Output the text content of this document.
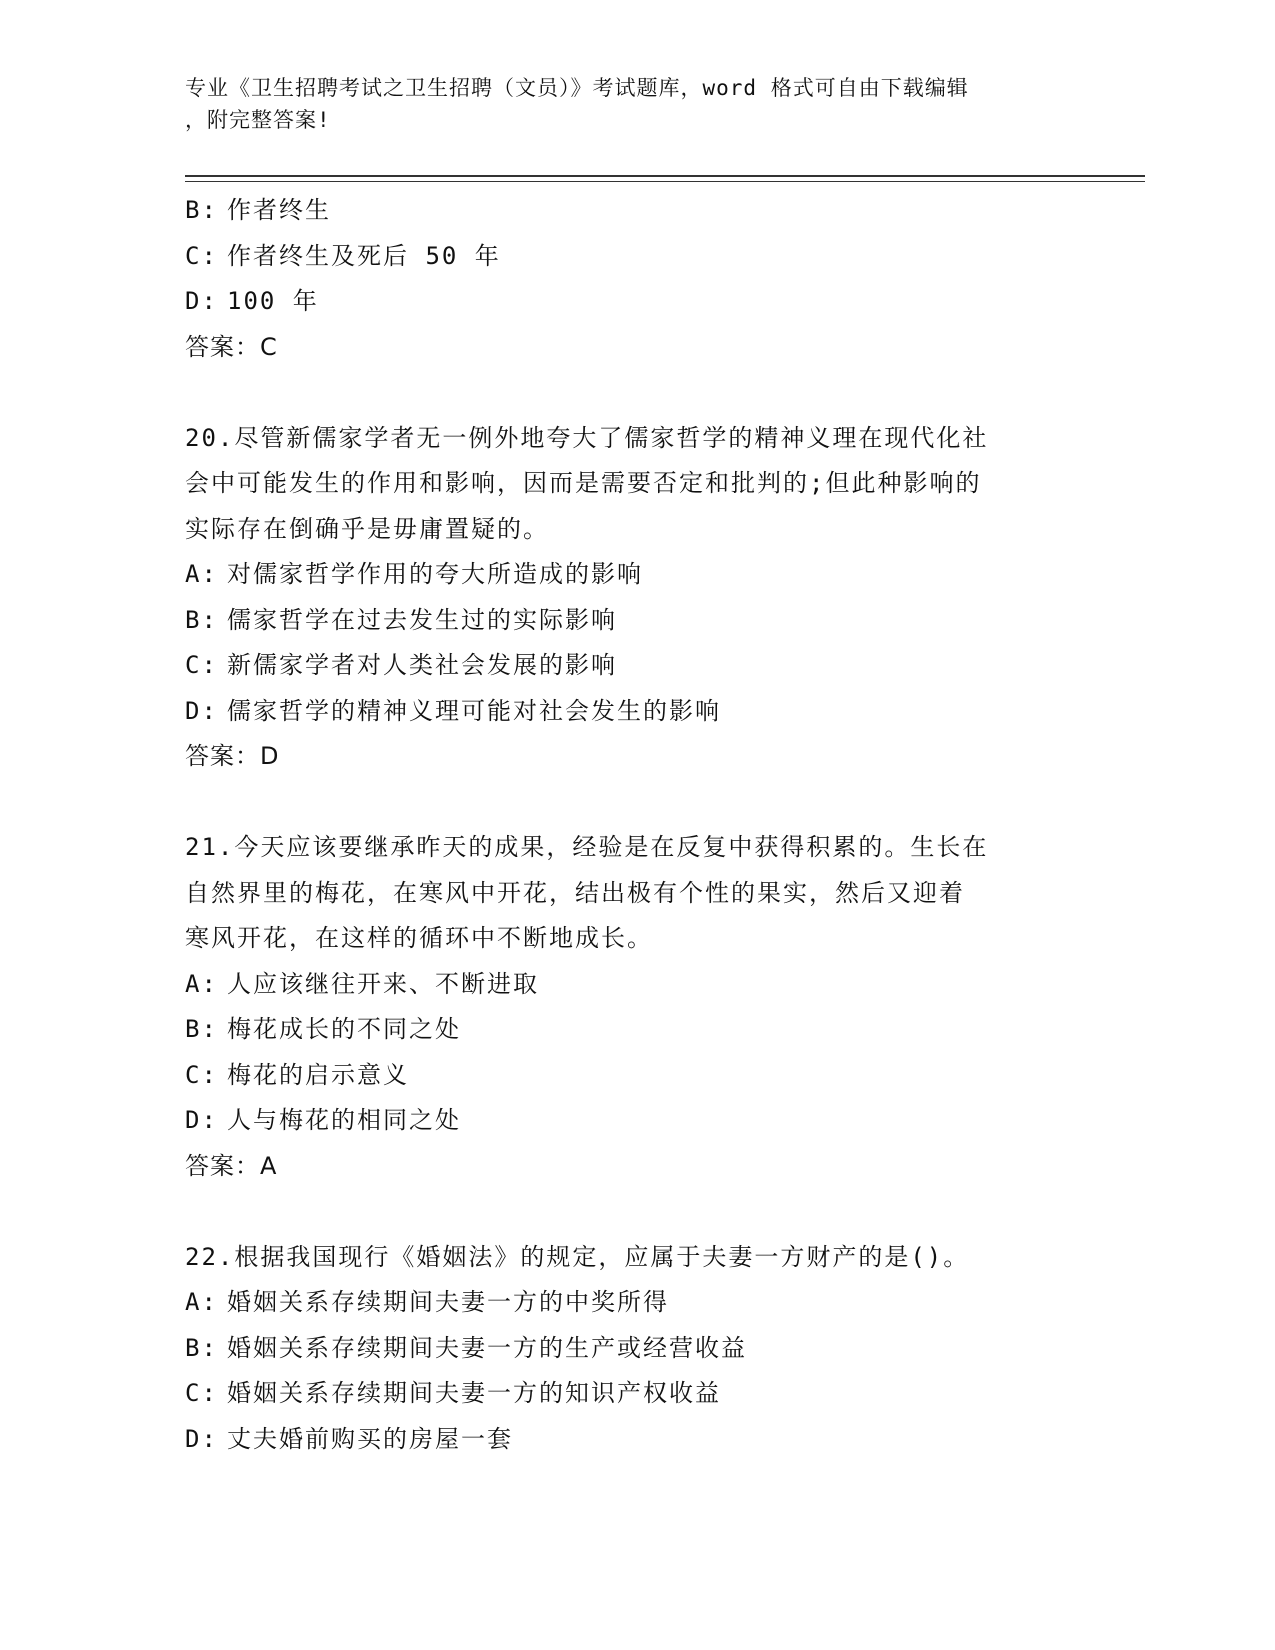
专业《卫生招聘考试之卫生招聘（文员）》考试题库，word 格式可自由下载编辑
，附完整答案!
B: 作者终生
C: 作者终生及死后 50 年
D: 100 年
答案：C
20.尽管新儒家学者无一例外地夸大了儒家哲学的精神义理在现代化社
会中可能发生的作用和影响，因而是需要否定和批判的;但此种影响的
实际存在倒确乎是毋庸置疑的。
A: 对儒家哲学作用的夸大所造成的影响
B: 儒家哲学在过去发生过的实际影响
C: 新儒家学者对人类社会发展的影响
D: 儒家哲学的精神义理可能对社会发生的影响
答案：D
21.今天应该要继承昨天的成果，经验是在反复中获得积累的。生长在
自然界里的梅花，在寒风中开花，结出极有个性的果实，然后又迎着
寒风开花，在这样的循环中不断地成长。
A: 人应该继往开来、不断进取
B: 梅花成长的不同之处
C: 梅花的启示意义
D: 人与梅花的相同之处
答案：A
22.根据我国现行《婚姻法》的规定，应属于夫妻一方财产的是()。
A: 婚姻关系存续期间夫妻一方的中奖所得
B: 婚姻关系存续期间夫妻一方的生产或经营收益
C: 婚姻关系存续期间夫妻一方的知识产权收益
D: 丈夫婚前购买的房屋一套
